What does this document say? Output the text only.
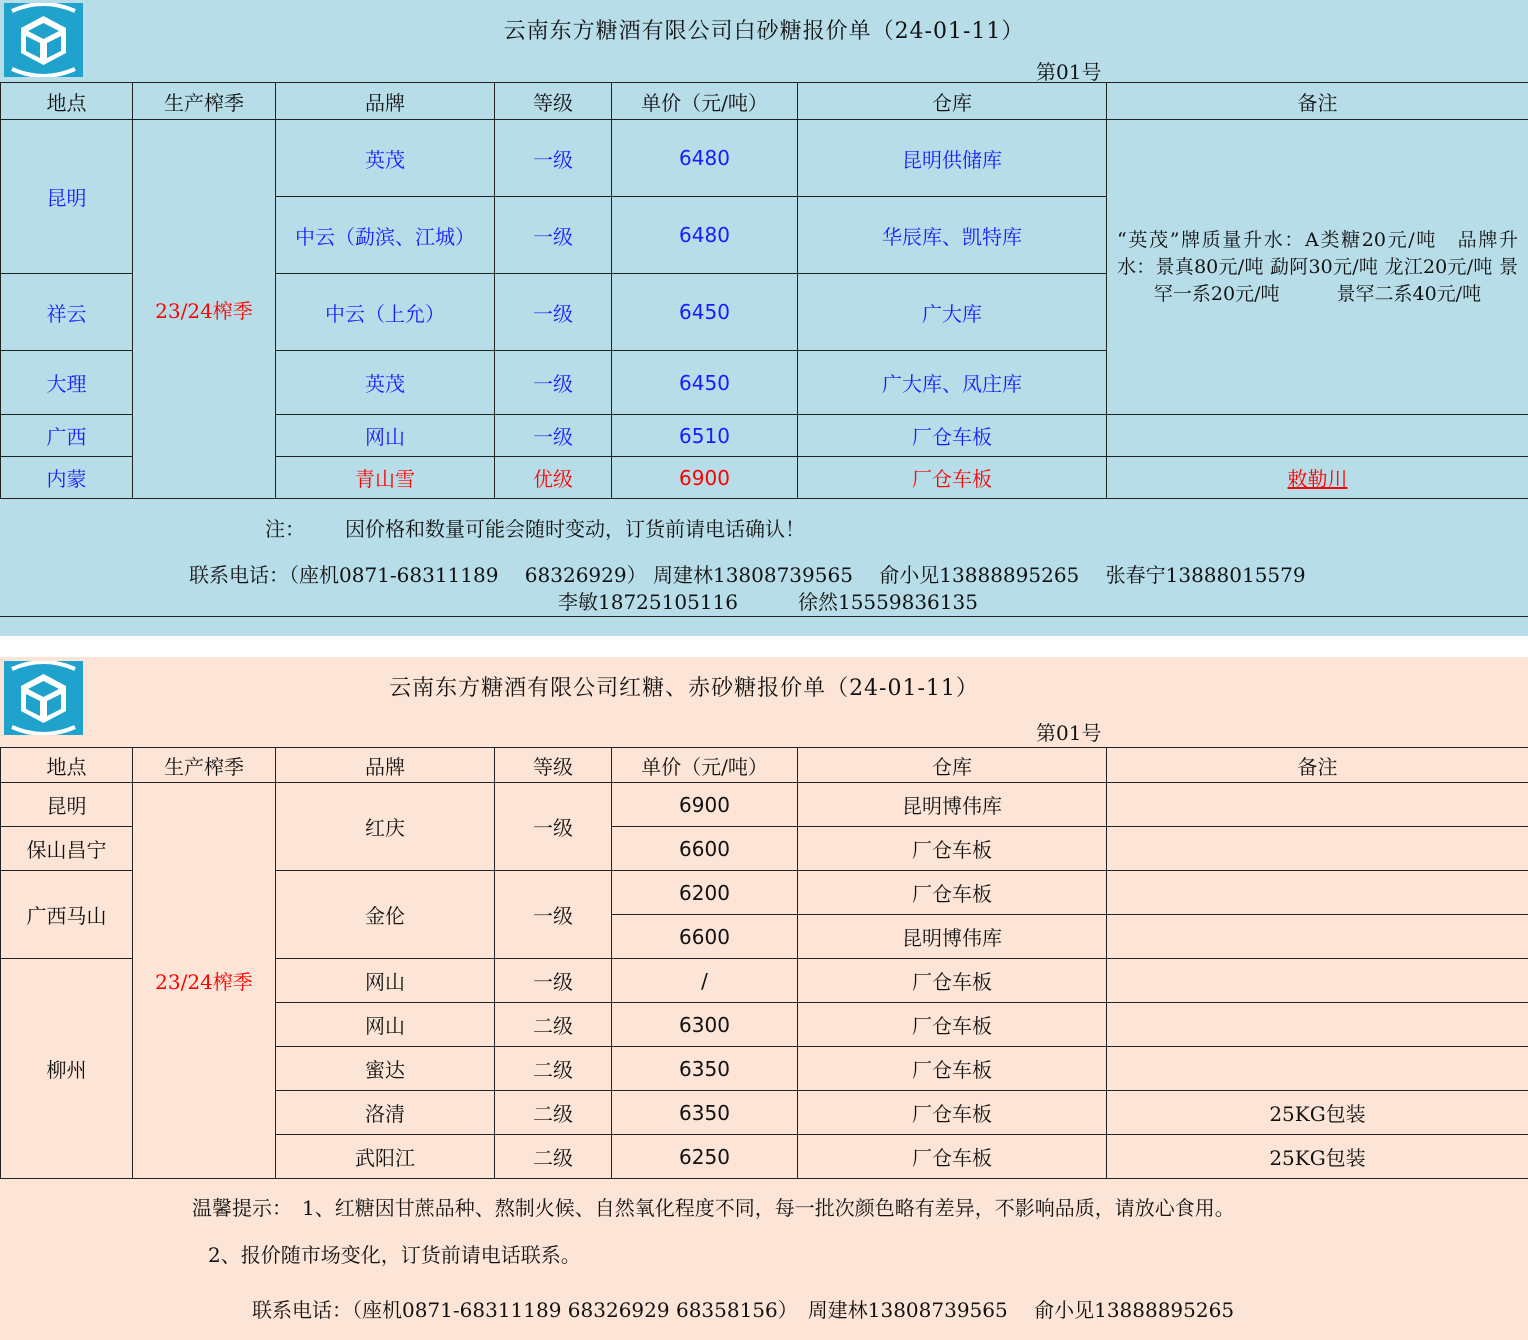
云南东方糖酒有限公司白砂糖报价单（24-01-11）
第01号
地点	生产榨季	品牌	等级	单价（元/吨）	仓库	备注
昆明	23/24榨季	英茂	一级	6480	昆明供储库	“英茂”牌质量升水：A类糖20元/吨　品牌升水：景真80元/吨 勐阿30元/吨 龙江20元/吨 景罕一系20元/吨　　　景罕二系40元/吨

		中云（勐滨、江城）	一级	6480	华辰库、凯特库	
祥云		中云（上允）	一级	6450	广大库	
大理		英茂	一级	6450	广大库、凤庄库	
广西		网山	一级	6510	厂仓车板	
内蒙		青山雪	优级	6900	厂仓车板	敕勒川
注： 因价格和数量可能会随时变动，订货前请电话确认！
联系电话：（座机0871-68311189　 68326929） 周建林13808739565　 俞小见13888895265　 张春宁13888015579
李敏18725105116　　　徐然15559836135
云南东方糖酒有限公司红糖、赤砂糖报价单（24-01-11）
第01号
地点	生产榨季	品牌	等级	单价（元/吨）	仓库	备注
昆明	23/24榨季	红庆	一级	6900	昆明博伟库	
保山昌宁				6600	厂仓车板	
广西马山		金伦	一级	6200	厂仓车板	
				6600	昆明博伟库	
柳州		网山	一级	/	厂仓车板	
		网山	二级	6300	厂仓车板	
		蜜达	二级	6350	厂仓车板	
		洛清	二级	6350	厂仓车板	25KG包装
		武阳江	二级	6250	厂仓车板	25KG包装
温馨提示：　1、红糖因甘蔗品种、熬制火候、自然氧化程度不同，每一批次颜色略有差异，不影响品质，请放心食用。
2、报价随市场变化，订货前请电话联系。
联系电话：（座机0871-68311189 68326929 68358156）　周建林13808739565　 俞小见13888895265
